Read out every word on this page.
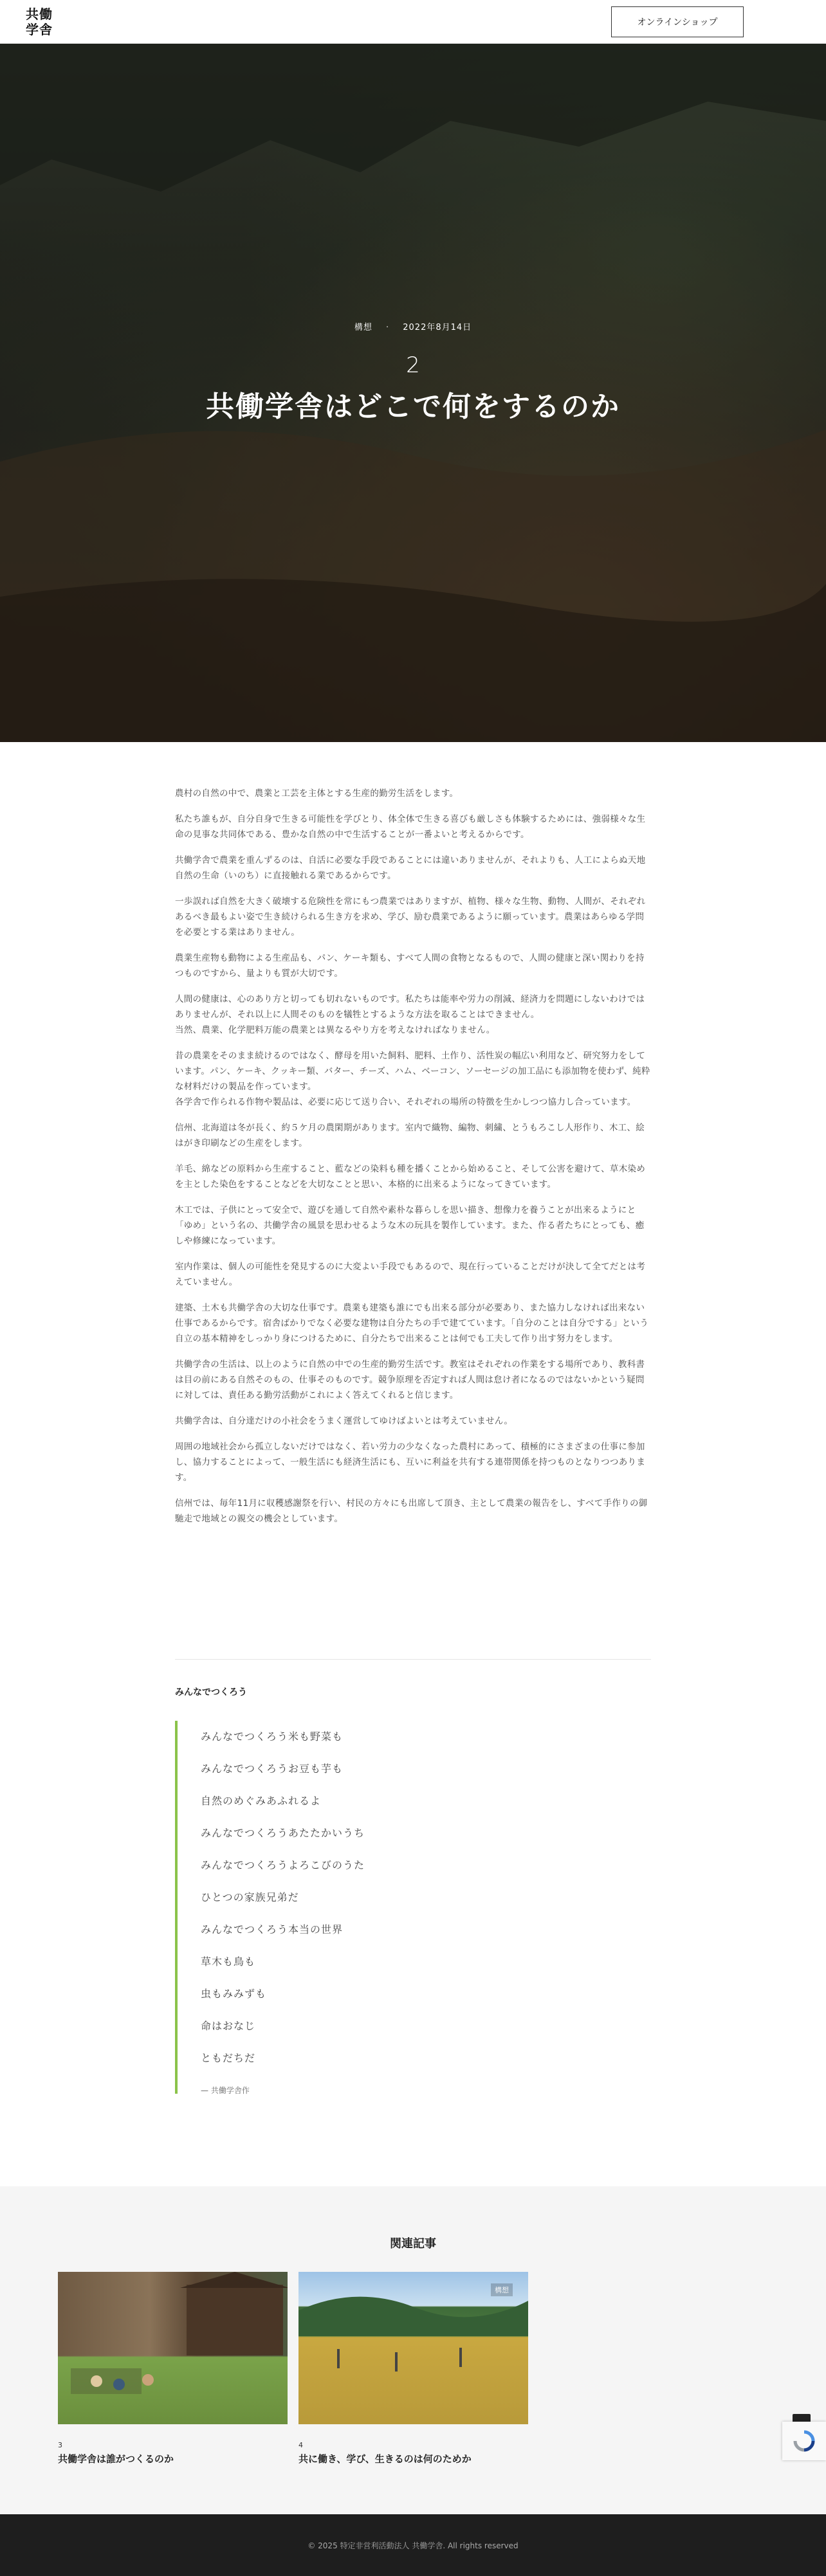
共働
学舎	オンラインショップ
構想 · 2022年8月14日
2
共働学舎はどこで何をするのか

農村の自然の中で、農業と工芸を主体とする生産的勤労生活をします。

私たち誰もが、自分自身で生きる可能性を学びとり、体全体で生きる喜びも厳しさも体験するためには、強弱様々な生命の見事な共同体である、豊かな自然の中で生活することが一番よいと考えるからです。

共働学舎で農業を重んずるのは、自活に必要な手段であることには違いありませんが、それよりも、人工によらぬ天地自然の生命（いのち）に直接触れる業であるからです。

一歩誤れば自然を大きく破壊する危険性を常にもつ農業ではありますが、植物、様々な生物、動物、人間が、それぞれあるべき最もよい姿で生き続けられる生き方を求め、学び、励む農業であるように願っています。農業はあらゆる学問を必要とする業はありません。

農業生産物も動物による生産品も、パン、ケーキ類も、すべて人間の食物となるもので、人間の健康と深い関わりを持つものですから、量よりも質が大切です。

人間の健康は、心のあり方と切っても切れないものです。私たちは能率や労力の削減、経済力を問題にしないわけではありませんが、それ以上に人間そのものを犠牲とするような方法を取ることはできません。
当然、農業、化学肥料万能の農業とは異なるやり方を考えなければなりません。

昔の農業をそのまま続けるのではなく、酵母を用いた飼料、肥料、土作り、活性炭の幅広い利用など、研究努力をしています。パン、ケーキ、クッキー類、バター、チーズ、ハム、ベーコン、ソーセージの加工品にも添加物を使わず、純粋な材料だけの製品を作っています。
各学舎で作られる作物や製品は、必要に応じて送り合い、それぞれの場所の特徴を生かしつつ協力し合っています。

信州、北海道は冬が長く、約５ケ月の農閑期があります。室内で織物、編物、刺繍、とうもろこし人形作り、木工、絵はがき印刷などの生産をします。

羊毛、綿などの原料から生産すること、藍などの染料も種を播くことから始めること、そして公害を避けて、草木染めを主とした染色をすることなどを大切なことと思い、本格的に出来るようになってきています。

木工では、子供にとって安全で、遊びを通して自然や素朴な暮らしを思い描き、想像力を養うことが出来るようにと「ゆめ」という名の、共働学舎の風景を思わせるような木の玩具を製作しています。また、作る者たちにとっても、癒しや修練になっています。

室内作業は、個人の可能性を発見するのに大変よい手段でもあるので、現在行っていることだけが決して全てだとは考えていません。

建築、土木も共働学舎の大切な仕事です。農業も建築も誰にでも出来る部分が必要あり、また協力しなければ出来ない仕事であるからです。宿舎ばかりでなく必要な建物は自分たちの手で建てています。「自分のことは自分でする」という自立の基本精神をしっかり身につけるために、自分たちで出来ることは何でも工夫して作り出す努力をします。

共働学舎の生活は、以上のように自然の中での生産的勤労生活です。教室はそれぞれの作業をする場所であり、教科書は目の前にある自然そのもの、仕事そのものです。競争原理を否定すれば人間は怠け者になるのではないかという疑問に対しては、責任ある勤労活動がこれによく答えてくれると信じます。

共働学舎は、自分達だけの小社会をうまく運営してゆけばよいとは考えていません。

周囲の地域社会から孤立しないだけではなく、若い労力の少なくなった農村にあって、積極的にさまざまの仕事に参加し、協力することによって、一般生活にも経済生活にも、互いに利益を共有する連帯関係を持つものとなりつつあります。

信州では、毎年11月に収穫感謝祭を行い、村民の方々にも出席して頂き、主として農業の報告をし、すべて手作りの御馳走で地域との親交の機会としています。

みんなでつくろう
みんなでつくろう米も野菜も
みんなでつくろうお豆も芋も
自然のめぐみあふれるよ
みんなでつくろうあたたかいうち
みんなでつくろうよろこびのうた
ひとつの家族兄弟だ
みんなでつくろう本当の世界
草木も鳥も
虫もみみずも
命はおなじ
ともだちだ
— 共働学舎作
関連記事
3
共働学舎は誰がつくるのか
構想
4
共に働き、学び、生きるのは何のためか
© 2025 特定非営利活動法人 共働学舎. All rights reserved
